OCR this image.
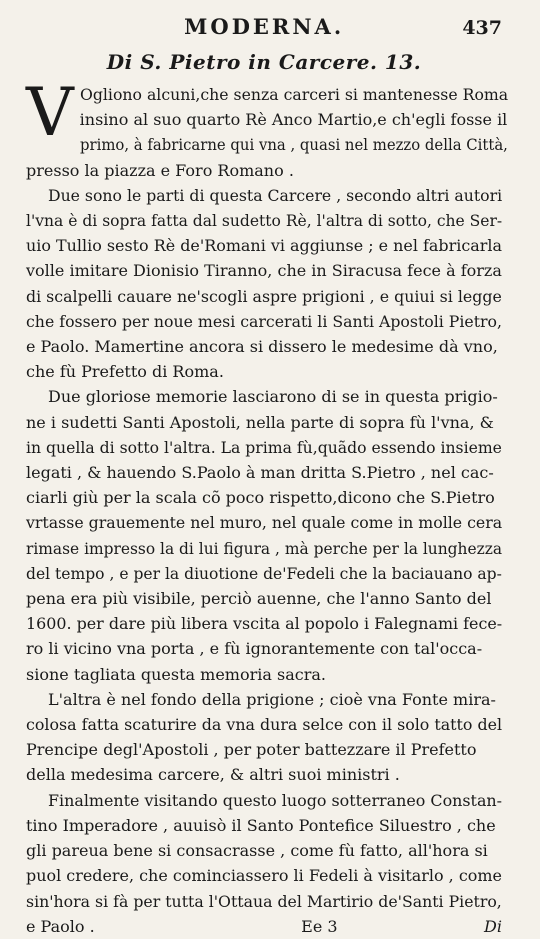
MODERNA.	437
Di S. Pietro in Carcere. 13.
V Ogliono alcuni,che senza carceri si mantenesse Roma
insino al suo quarto Rè Anco Martio,e ch'egli fosse il
primo, à fabricarne qui vna , quasi nel mezzo della Città,
presso la piazza e Foro Romano .
Due sono le parti di questa Carcere , secondo altri autori
l'vna è di sopra fatta dal sudetto Rè, l'altra di sotto, che Ser-
uio Tullio sesto Rè de'Romani vi aggiunse ; e nel fabricarla
volle imitare Dionisio Tiranno, che in Siracusa fece à forza
di scalpelli cauare ne'scogli aspre prigioni , e quiui si legge
che fossero per noue mesi carcerati li Santi Apostoli Pietro,
e Paolo. Mamertine ancora si dissero le medesime dà vno,
che fù Prefetto di Roma.
Due gloriose memorie lasciarono di se in questa prigio-
ne i sudetti Santi Apostoli, nella parte di sopra fù l'vna, &
in quella di sotto l'altra. La prima fù,quãdo essendo insieme
legati , & hauendo S.Paolo à man dritta S.Pietro , nel cac-
ciarli giù per la scala cõ poco rispetto,dicono che S.Pietro
vrtasse grauemente nel muro, nel quale come in molle cera
rimase impresso la di lui figura , mà perche per la lunghezza
del tempo , e per la diuotione de'Fedeli che la baciauano ap-
pena era più visibile, perciò auenne, che l'anno Santo del
1600. per dare più libera vscita al popolo i Falegnami fece-
ro li vicino vna porta , e fù ignorantemente con tal'occa-
sione tagliata questa memoria sacra.
L'altra è nel fondo della prigione ; cioè vna Fonte mira-
colosa fatta scaturire da vna dura selce con il solo tatto del
Prencipe degl'Apostoli , per poter battezzare il Prefetto
della medesima carcere, & altri suoi ministri .
Finalmente visitando questo luogo sotterraneo Constan-
tino Imperadore , auuisò il Santo Pontefice Siluestro , che
gli pareua bene si consacrasse , come fù fatto, all'hora si
puol credere, che cominciassero li Fedeli à visitarlo , come
sin'hora si fà per tutta l'Ottaua del Martirio de'Santi Pietro,
e Paolo .	Ee 3	Di
